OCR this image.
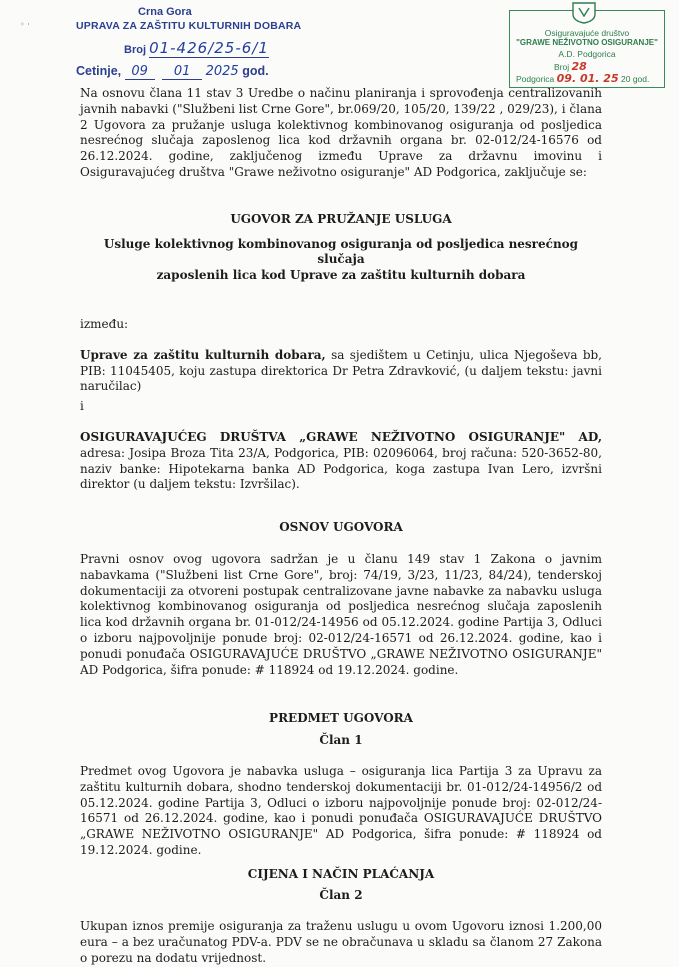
◦ ·
Crna Gora
UPRAVA ZA ZAŠTITU KULTURNIH DOBARA
Broj 01-426/25-6/1
Cetinje, 09 01 2025 god.
Osiguravajuće društvo
"GRAWE NEŽIVOTNO OSIGURANJE"
A.D. Podgorica
Broj 28
Podgorica 09. 01. 25 20 god.

Na osnovu člana 11 stav 3 Uredbe o načinu planiranja i sprovođenja centralizovanih javnih nabavki ("Službeni list Crne Gore", br.069/20, 105/20, 139/22 , 029/23), i člana 2 Ugovora za pružanje usluga kolektivnog kombinovanog osiguranja od posljedica nesrećnog slučaja zaposlenog lica kod državnih organa br. 02-012/24-16576 od 26.12.2024. godine, zaključenog između Uprave za državnu imovinu i Osiguravajućeg društva "Grawe neživotno osiguranje" AD Podgorica, zaključuje se:

UGOVOR ZA PRUŽANJE USLUGA

Usluge kolektivnog kombinovanog osiguranja od posljedica nesrećnog slučaja

zaposlenih lica kod Uprave za zaštitu kulturnih dobara

između:

Uprave za zaštitu kulturnih dobara, sa sjedištem u Cetinju, ulica Njegoševa bb, PIB: 11045405, koju zastupa direktorica Dr Petra Zdravković, (u daljem tekstu: javni naručilac)

i

OSIGURAVAJUĆEG DRUŠTVA „GRAWE NEŽIVOTNO OSIGURANJE" AD, adresa: Josipa Broza Tita 23/A, Podgorica, PIB: 02096064, broj računa: 520-3652-80, naziv banke: Hipotekarna banka AD Podgorica, koga zastupa Ivan Lero, izvršni direktor (u daljem tekstu: Izvršilac).

OSNOV UGOVORA

Pravni osnov ovog ugovora sadržan je u članu 149 stav 1 Zakona o javnim nabavkama ("Službeni list Crne Gore", broj: 74/19, 3/23, 11/23, 84/24), tenderskoj dokumentaciji za otvoreni postupak centralizovane javne nabavke za nabavku usluga kolektivnog kombinovanog osiguranja od posljedica nesrećnog slučaja zaposlenih lica kod državnih organa br. 01-012/24-14956 od 05.12.2024. godine Partija 3, Odluci o izboru najpovoljnije ponude broj: 02-012/24-16571 od 26.12.2024. godine, kao i ponudi ponuđača OSIGURAVAJUĆE DRUŠTVO „GRAWE NEŽIVOTNO OSIGURANJE" AD Podgorica, šifra ponude: # 118924 od 19.12.2024. godine.

PREDMET UGOVORA

Član 1

Predmet ovog Ugovora je nabavka usluga – osiguranja lica Partija 3 za Upravu za zaštitu kulturnih dobara, shodno tenderskoj dokumentaciji br. 01-012/24-14956/2 od 05.12.2024. godine Partija 3, Odluci o izboru najpovoljnije ponude broj: 02-012/24-16571 od 26.12.2024. godine, kao i ponudi ponuđača OSIGURAVAJUĆE DRUŠTVO „GRAWE NEŽIVOTNO OSIGURANJE" AD Podgorica, šifra ponude: # 118924 od 19.12.2024. godine.

CIJENA I NAČIN PLAĆANJA

Član 2

Ukupan iznos premije osiguranja za traženu uslugu u ovom Ugovoru iznosi 1.200,00 eura – a bez uračunatog PDV-a. PDV se ne obračunava u skladu sa članom 27 Zakona o porezu na dodatu vrijednost.
